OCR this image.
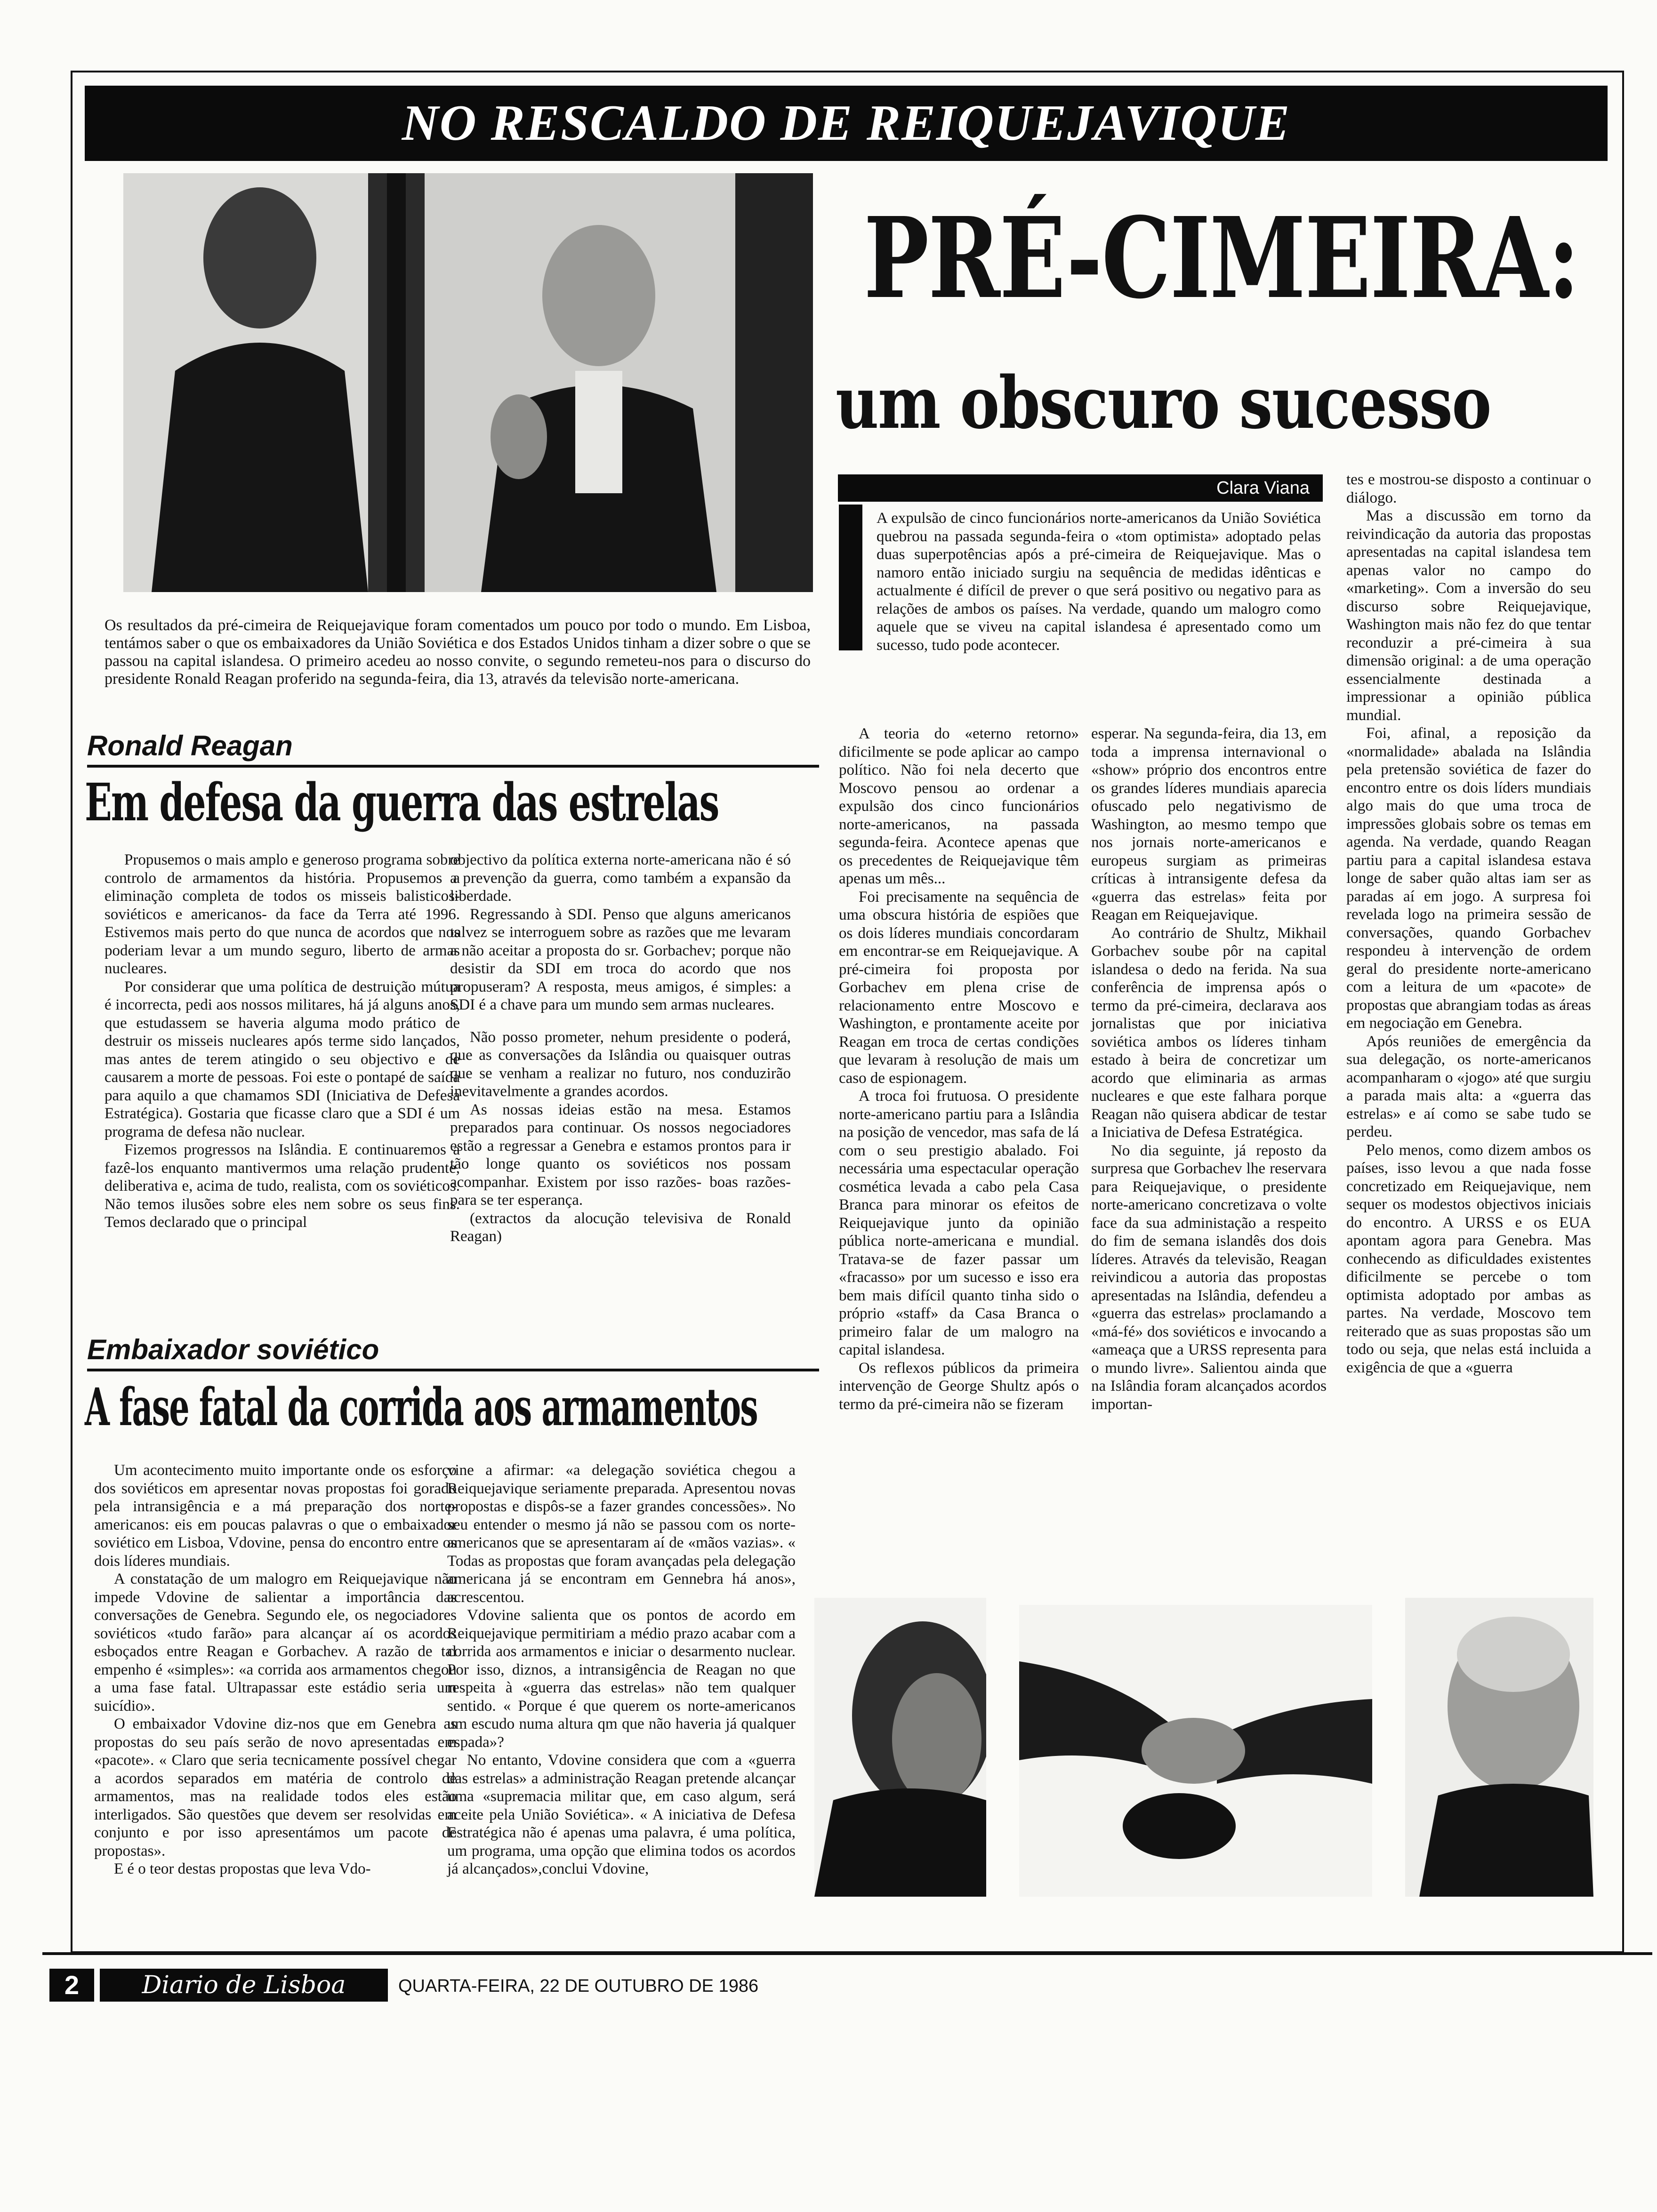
NO RESCALDO DE REIQUEJAVIQUE
PRÉ-CIMEIRA:
um obscuro sucesso
Clara Viana

A expulsão de cinco funcionários norte-americanos da União Soviética quebrou na passada segunda-feira o «tom optimista» adoptado pelas duas superpotências após a pré-cimeira de Reiquejavique. Mas o namoro então iniciado surgiu na sequência de medidas idênticas e actualmente é difícil de prever o que será positivo ou negativo para as relações de ambos os países. Na verdade, quando um malogro como aquele que se viveu na capital islandesa é apresentado como um sucesso, tudo pode acontecer.

Os resultados da pré-cimeira de Reiquejavique foram comentados um pouco por todo o mundo. Em Lisboa, tentámos saber o que os embaixadores da União Soviética e dos Estados Unidos tinham a dizer sobre o que se passou na capital islandesa. O primeiro acedeu ao nosso convite, o segundo remeteu-nos para o discurso do presidente Ronald Reagan proferido na segunda-feira, dia 13, através da televisão norte-americana.
Ronald Reagan
Em defesa da guerra das estrelas

Propusemos o mais amplo e generoso programa sobre controlo de armamentos da história. Propusemos a eliminação completa de todos os misseis balisticos- soviéticos e americanos- da face da Terra até 1996. Estivemos mais perto do que nunca de acordos que nos poderiam levar a um mundo seguro, liberto de armas nucleares.

Por considerar que uma política de destruição mútua é incorrecta, pedi aos nossos militares, há já alguns anos, que estudassem se haveria alguma modo prático de destruir os misseis nucleares após terme sido lançados, mas antes de terem atingido o seu objectivo e de causarem a morte de pessoas. Foi este o pontapé de saída para aquilo a que chamamos SDI (Iniciativa de Defesa Estratégica). Gostaria que ficasse claro que a SDI é um programa de defesa não nuclear.

Fizemos progressos na Islândia. E continuaremos a fazê-los enquanto mantivermos uma relação prudente, deliberativa e, acima de tudo, realista, com os soviéticos. Não temos ilusões sobre eles nem sobre os seus fins. Temos declarado que o principal

objectivo da política externa norte-americana não é só a prevenção da guerra, como também a expansão da liberdade.

Regressando à SDI. Penso que alguns americanos talvez se interroguem sobre as razões que me levaram a não aceitar a proposta do sr. Gorbachev; porque não desistir da SDI em troca do acordo que nos propuseram? A resposta, meus amigos, é simples: a SDI é a chave para um mundo sem armas nucleares.

Não posso prometer, nehum presidente o poderá, que as conversações da Islândia ou quaisquer outras que se venham a realizar no futuro, nos conduzirão inevitavelmente a grandes acordos.

As nossas ideias estão na mesa. Estamos preparados para continuar. Os nossos negociadores estão a regressar a Genebra e estamos prontos para ir tão longe quanto os soviéticos nos possam acompanhar. Existem por isso razões- boas razões- para se ter esperança.

(extractos da alocução televisiva de Ronald Reagan)

Embaixador soviético
A fase fatal da corrida aos armamentos

Um acontecimento muito importante onde os esforço dos soviéticos em apresentar novas propostas foi gorado pela intransigência e a má preparação dos norte-americanos: eis em poucas palavras o que o embaixador soviético em Lisboa, Vdovine, pensa do encontro entre os dois líderes mundiais.

A constatação de um malogro em Reiquejavique não impede Vdovine de salientar a importância das conversações de Genebra. Segundo ele, os negociadores soviéticos «tudo farão» para alcançar aí os acordos esboçados entre Reagan e Gorbachev. A razão de tal empenho é «simples»: «a corrida aos armamentos chegou a uma fase fatal. Ultrapassar este estádio seria um suicídio».

O embaixador Vdovine diz-nos que em Genebra as propostas do seu país serão de novo apresentadas em «pacote». « Claro que seria tecnicamente possível chegar a acordos separados em matéria de controlo de armamentos, mas na realidade todos eles estão interligados. São questões que devem ser resolvidas em conjunto e por isso apresentámos um pacote de propostas».

E é o teor destas propostas que leva Vdo-

vine a afirmar: «a delegação soviética chegou a Reiquejavique seriamente preparada. Apresentou novas propostas e dispôs-se a fazer grandes concessões». No seu entender o mesmo já não se passou com os norte-americanos que se apresentaram aí de «mãos vazias». « Todas as propostas que foram avançadas pela delegação americana já se encontram em Gennebra há anos», acrescentou.

Vdovine salienta que os pontos de acordo em Reiquejavique permitiriam a médio prazo acabar com a corrida aos armamentos e iniciar o desarmento nuclear. Por isso, diznos, a intransigência de Reagan no que respeita à «guerra das estrelas» não tem qualquer sentido. « Porque é que querem os norte-americanos um escudo numa altura qm que não haveria já qualquer espada»?

No entanto, Vdovine considera que com a «guerra das estrelas» a administração Reagan pretende alcançar uma «supremacia militar que, em caso algum, será aceite pela União Soviética». « A iniciativa de Defesa Estratégica não é apenas uma palavra, é uma política, um programa, uma opção que elimina todos os acordos já alcançados»,conclui Vdovine,

A teoria do «eterno retorno» dificilmente se pode aplicar ao campo político. Não foi nela decerto que Moscovo pensou ao ordenar a expulsão dos cinco funcionários norte-americanos, na passada segunda-feira. Acontece apenas que os precedentes de Reiquejavique têm apenas um mês...

Foi precisamente na sequência de uma obscura história de espiões que os dois líderes mundiais concordaram em encontrar-se em Reiquejavique. A pré-cimeira foi proposta por Gorbachev em plena crise de relacionamento entre Moscovo e Washington, e prontamente aceite por Reagan em troca de certas condições que levaram à resolução de mais um caso de espionagem.

A troca foi frutuosa. O presidente norte-americano partiu para a Islândia na posição de vencedor, mas safa de lá com o seu prestigio abalado. Foi necessária uma espectacular operação cosmética levada a cabo pela Casa Branca para minorar os efeitos de Reiquejavique junto da opinião pública norte-americana e mundial. Tratava-se de fazer passar um «fracasso» por um sucesso e isso era bem mais difícil quanto tinha sido o próprio «staff» da Casa Branca o primeiro falar de um malogro na capital islandesa.

Os reflexos públicos da primeira intervenção de George Shultz após o termo da pré-cimeira não se fizeram

esperar. Na segunda-feira, dia 13, em toda a imprensa internavional o «show» próprio dos encontros entre os grandes líderes mundiais aparecia ofuscado pelo negativismo de Washington, ao mesmo tempo que nos jornais norte-americanos e europeus surgiam as primeiras críticas à intransigente defesa da «guerra das estrelas» feita por Reagan em Reiquejavique.

Ao contrário de Shultz, Mikhail Gorbachev soube pôr na capital islandesa o dedo na ferida. Na sua conferência de imprensa após o termo da pré-cimeira, declarava aos jornalistas que por iniciativa soviética ambos os líderes tinham estado à beira de concretizar um acordo que eliminaria as armas nucleares e que este falhara porque Reagan não quisera abdicar de testar a Iniciativa de Defesa Estratégica.

No dia seguinte, já reposto da surpresa que Gorbachev lhe reservara para Reiquejavique, o presidente norte-americano concretizava o volte face da sua administação a respeito do fim de semana islandês dos dois líderes. Através da televisão, Reagan reivindicou a autoria das propostas apresentadas na Islândia, defendeu a «guerra das estrelas» proclamando a «má-fé» dos soviéticos e invocando a «ameaça que a URSS representa para o mundo livre». Salientou ainda que na Islândia foram alcançados acordos importan-

tes e mostrou-se disposto a continuar o diálogo.

Mas a discussão em torno da reivindicação da autoria das propostas apresentadas na capital islandesa tem apenas valor no campo do «marketing». Com a inversão do seu discurso sobre Reiquejavique, Washington mais não fez do que tentar reconduzir a pré-cimeira à sua dimensão original: a de uma operação essencialmente destinada a impressionar a opinião pública mundial.

Foi, afinal, a reposição da «normalidade» abalada na Islândia pela pretensão soviética de fazer do encontro entre os dois líders mundiais algo mais do que uma troca de impressões globais sobre os temas em agenda. Na verdade, quando Reagan partiu para a capital islandesa estava longe de saber quão altas iam ser as paradas aí em jogo. A surpresa foi revelada logo na primeira sessão de conversações, quando Gorbachev respondeu à intervenção de ordem geral do presidente norte-americano com a leitura de um «pacote» de propostas que abrangiam todas as áreas em negociação em Genebra.

Após reuniões de emergência da sua delegação, os norte-americanos acompanharam o «jogo» até que surgiu a parada mais alta: a «guerra das estrelas» e aí como se sabe tudo se perdeu.

Pelo menos, como dizem ambos os países, isso levou a que nada fosse concretizado em Reiquejavique, nem sequer os modestos objectivos iniciais do encontro. A URSS e os EUA apontam agora para Genebra. Mas conhecendo as dificuldades existentes dificilmente se percebe o tom optimista adoptado por ambas as partes. Na verdade, Moscovo tem reiterado que as suas propostas são um todo ou seja, que nelas está incluida a exigência de que a «guerra

2	Diario de Lisboa	QUARTA-FEIRA, 22 DE OUTUBRO DE 1986
